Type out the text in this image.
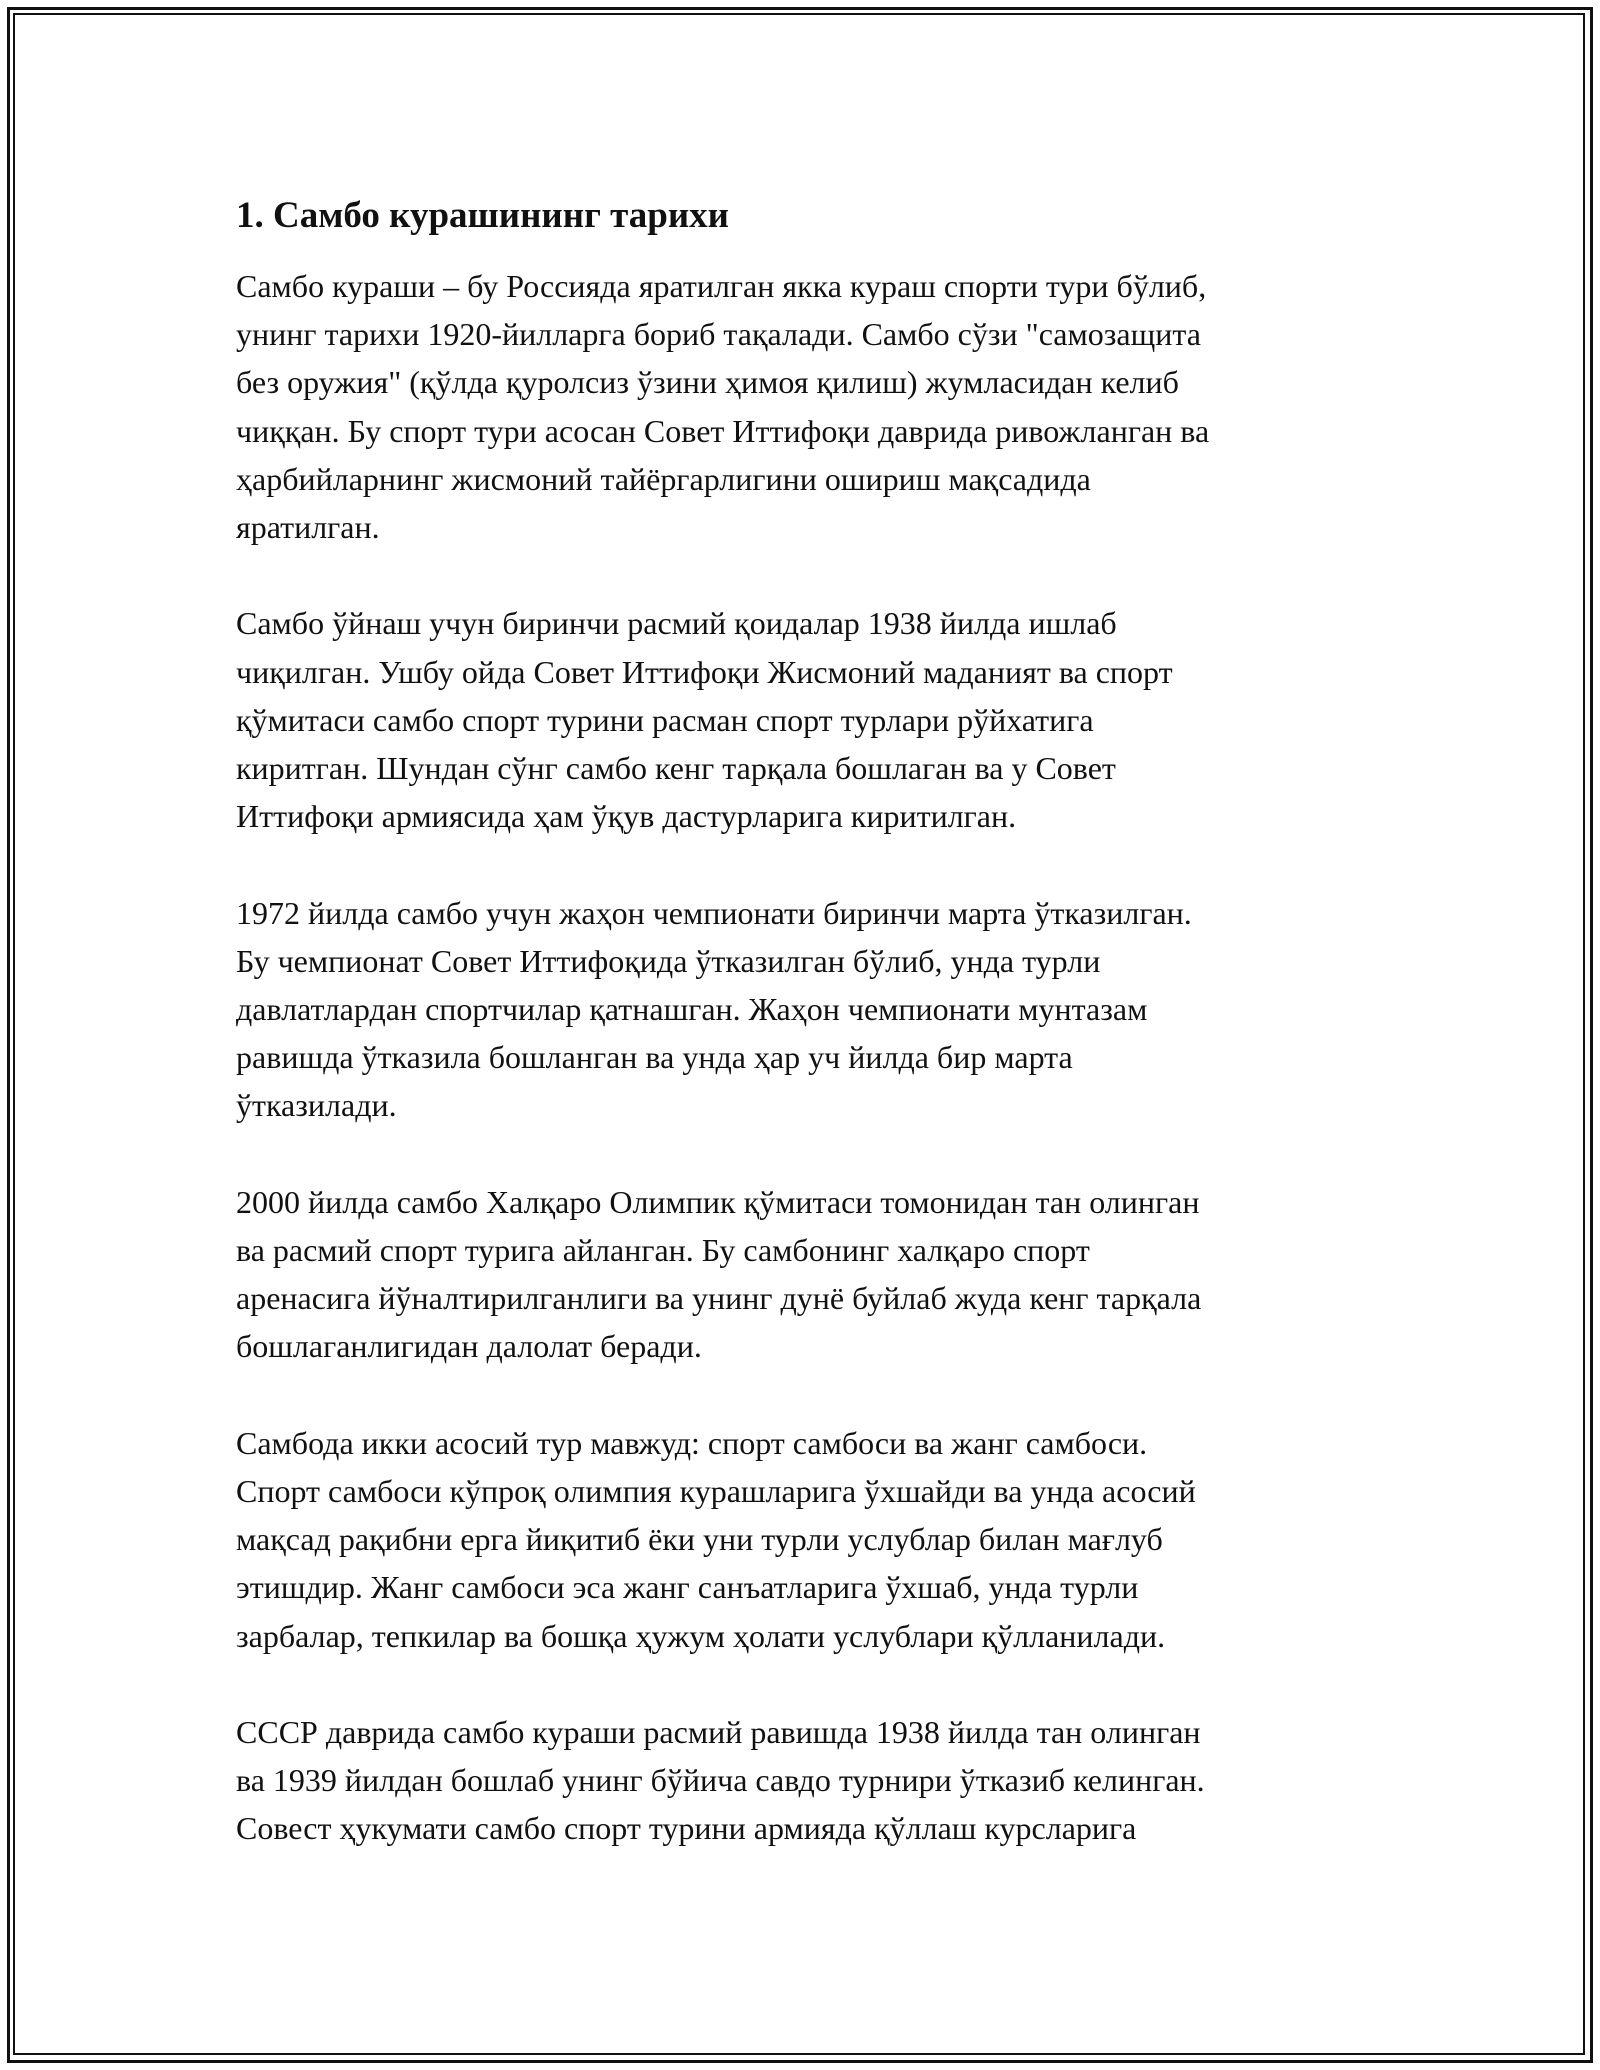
1. Самбо курашининг тарихи
Самбо кураши – бу Россияда яратилган якка кураш спорти тури бўлиб,
унинг тарихи 1920-йилларга бориб тақалади. Самбо сўзи "самозащита
без оружия" (қўлда қуролсиз ўзини ҳимоя қилиш) жумласидан келиб
чиққан. Бу спорт тури асосан Совет Иттифоқи даврида ривожланган ва
ҳарбийларнинг жисмоний тайёргарлигини ошириш мақсадида
яратилган.
Самбо ўйнаш учун биринчи расмий қоидалар 1938 йилда ишлаб
чиқилган. Ушбу ойда Совет Иттифоқи Жисмоний маданият ва спорт
қўмитаси самбо спорт турини расман спорт турлари рўйхатига
киритган. Шундан сўнг самбо кенг тарқала бошлаган ва у Совет
Иттифоқи армиясида ҳам ўқув дастурларига киритилган.
1972 йилда самбо учун жаҳон чемпионати биринчи марта ўтказилган.
Бу чемпионат Совет Иттифоқида ўтказилган бўлиб, унда турли
давлатлардан спортчилар қатнашган. Жаҳон чемпионати мунтазам
равишда ўтказила бошланган ва унда ҳар уч йилда бир марта
ўтказилади.
2000 йилда самбо Халқаро Олимпик қўмитаси томонидан тан олинган
ва расмий спорт турига айланган. Бу самбонинг халқаро спорт
аренасига йўналтирилганлиги ва унинг дунё буйлаб жуда кенг тарқала
бошлаганлигидан далолат беради.
Самбода икки асосий тур мавжуд: спорт самбоси ва жанг самбоси.
Спорт самбоси кўпроқ олимпия курашларига ўхшайди ва унда асосий
мақсад рақибни ерга йиқитиб ёки уни турли услублар билан мағлуб
этишдир. Жанг самбоси эса жанг санъатларига ўхшаб, унда турли
зарбалар, тепкилар ва бошқа ҳужум ҳолати услублари қўлланилади.
СССР даврида самбо кураши расмий равишда 1938 йилда тан олинган
ва 1939 йилдан бошлаб унинг бўйича савдо турнири ўтказиб келинган.
Совест ҳукумати самбо спорт турини армияда қўллаш курсларига
